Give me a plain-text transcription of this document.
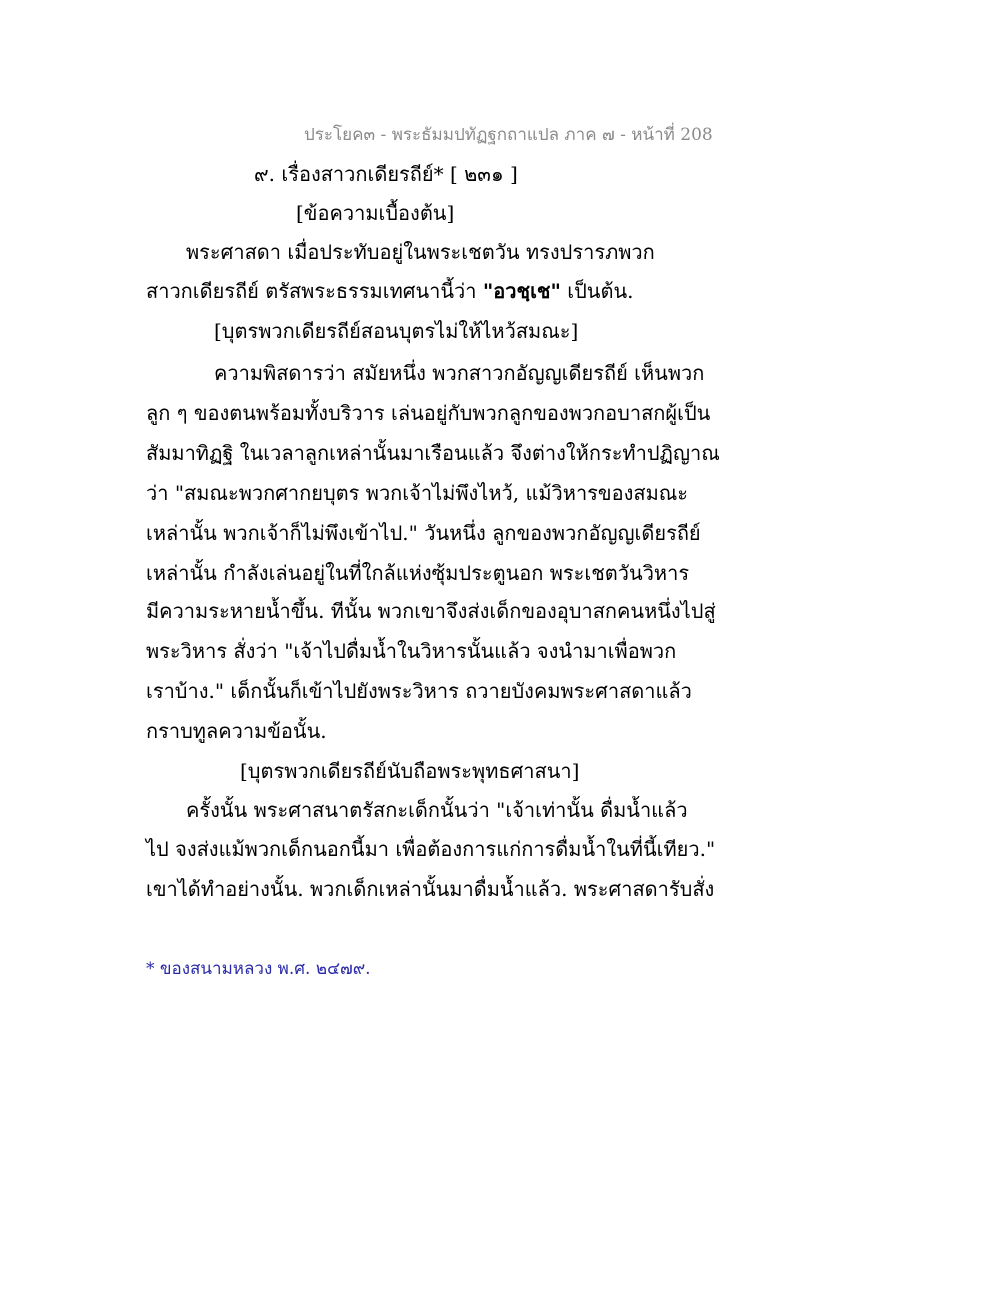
ประโยค๓ - พระธัมมปทัฏฐกถาแปล ภาค ๗ - หน้าที่ 208
๙. เรื่องสาวกเดียรถีย์* [ ๒๓๑ ]
[ข้อความเบื้องต้น]
พระศาสดา เมื่อประทับอยู่ในพระเชตวัน ทรงปรารภพวก
สาวกเดียรถีย์ ตรัสพระธรรมเทศนานี้ว่า "อวชฺเช" เป็นต้น.
[บุตรพวกเดียรถีย์สอนบุตรไม่ให้ไหว้สมณะ]
ความพิสดารว่า สมัยหนึ่ง พวกสาวกอัญญเดียรถีย์ เห็นพวก
ลูก ๆ ของตนพร้อมทั้งบริวาร เล่นอยู่กับพวกลูกของพวกอบาสกผู้เป็น
สัมมาทิฏฐิ ในเวลาลูกเหล่านั้นมาเรือนแล้ว จึงต่างให้กระทำปฏิญาณ
ว่า "สมณะพวกศากยบุตร พวกเจ้าไม่พึงไหว้, แม้วิหารของสมณะ
เหล่านั้น พวกเจ้าก็ไม่พึงเข้าไป." วันหนึ่ง ลูกของพวกอัญญเดียรถีย์
เหล่านั้น กำลังเล่นอยู่ในที่ใกล้แห่งซุ้มประตูนอก พระเชตวันวิหาร
มีความระหายน้ำขึ้น. ทีนั้น พวกเขาจึงส่งเด็กของอุบาสกคนหนึ่งไปสู่
พระวิหาร สั่งว่า "เจ้าไปดื่มน้ำในวิหารนั้นแล้ว จงนำมาเพื่อพวก
เราบ้าง." เด็กนั้นก็เข้าไปยังพระวิหาร ถวายบังคมพระศาสดาแล้ว
กราบทูลความข้อนั้น.
[บุตรพวกเดียรถีย์นับถือพระพุทธศาสนา]
ครั้งนั้น พระศาสนาตรัสกะเด็กนั้นว่า "เจ้าเท่านั้น ดื่มน้ำแล้ว
ไป จงส่งแม้พวกเด็กนอกนี้มา เพื่อต้องการแก่การดื่มน้ำในที่นี้เทียว."
เขาได้ทำอย่างนั้น. พวกเด็กเหล่านั้นมาดื่มน้ำแล้ว. พระศาสดารับสั่ง
* ของสนามหลวง พ.ศ. ๒๔๗๙.
